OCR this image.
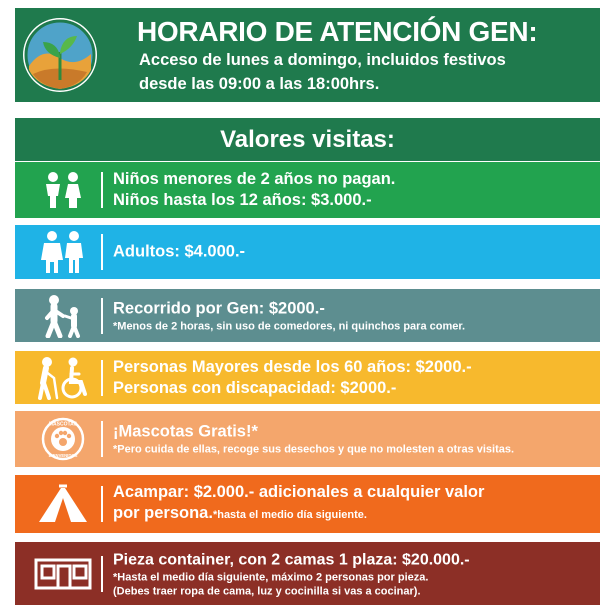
HORARIO DE ATENCIÓN GEN:
Acceso de lunes a domingo, incluidos festivos
desde las 09:00 a las 18:00hrs.
Valores visitas:
Niños menores de 2 años no pagan.
Niños hasta los 12 años: $3.000.-
Adultos: $4.000.-
Recorrido por Gen: $2000.-
*Menos de 2 horas, sin uso de comedores, ni quinchos para comer.
Personas Mayores desde los 60 años: $2000.-
Personas con discapacidad: $2000.-
MASCOTAS
BIENVENIDOS
¡Mascotas Gratis!*
*Pero cuida de ellas, recoge sus desechos y que no molesten a otras visitas.
Acampar: $2.000.- adicionales a cualquier valor
por persona.*hasta el medio día siguiente.
Pieza container, con 2 camas 1 plaza: $20.000.-
*Hasta el medio día siguiente, máximo 2 personas por pieza.
(Debes traer ropa de cama, luz y cocinilla si vas a cocinar).
